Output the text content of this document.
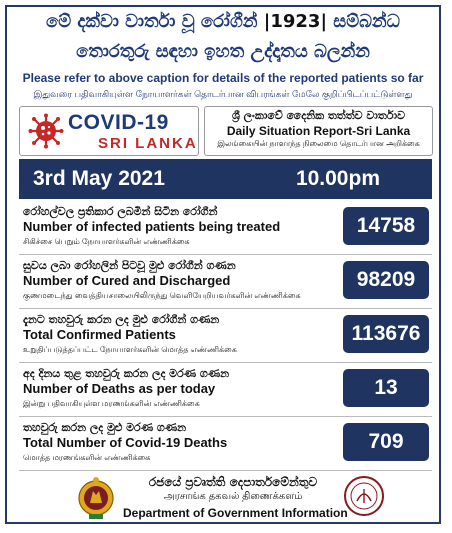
මේ දක්වා වාර්තා වූ රෝගීන් |1923| සම්බන්ධ
තොරතුරු සඳහා ඉහත උද්දෘතය බලන්න
Please refer to above caption for details of the reported patients so far
இதுவரை பதிவாகியுள்ள நோயாளர்கள் தொடர்பான விபரங்கள் மேலே குறிப்பிடப்பட்டுள்ளது
COVID-19
SRI LANKA
ශ්‍රී ලංකාවේ දෛනික තත්ත්ව වාර්තාව
Daily Situation Report-Sri Lanka
இலங்கையின் நாளாந்த நிலைமை தொடர்பான அறிக்கை
3rd May 2021	10.00pm
රෝහල්වල ප්‍රතිකාර ලබමින් සිටින රෝගීන්
Number of infected patients being treated
சிகிச்சை பெறும் நோயாளர்களின் எண்ணிக்கை
14758
සුවය ලබා රෝහලින් පිටවූ මුළු රෝගීන් ගණන
Number of Cured and Discharged
குணமடைந்து வைத்தியசாலையிலிருந்து வெளியேறியவர்களின் எண்ணிக்கை
98209
දැනට තහවුරු කරන ලද මුළු රෝගීන් ගණන
Total Confirmed Patients
உறுதிப்படுத்தப்பட்ட நோயாளர்களின் மொத்த எண்ணிக்கை
113676
අද දිනය තුළ තහවුරු කරන ලද මරණ ගණන
Number of Deaths as per today
இன்று பதிவாகியுள்ள மரணங்களின் எண்ணிக்கை
13
තහවුරු කරන ලද මුළු මරණ ගණන
Total Number of Covid-19 Deaths
மொத்த மரணங்களின் எண்ணிக்கை
709
රජයේ ප්‍රවෘත්ති දෙපාර්තමේන්තුව
அரசாங்க தகவல் திணைக்களம்
Department of Government Information
